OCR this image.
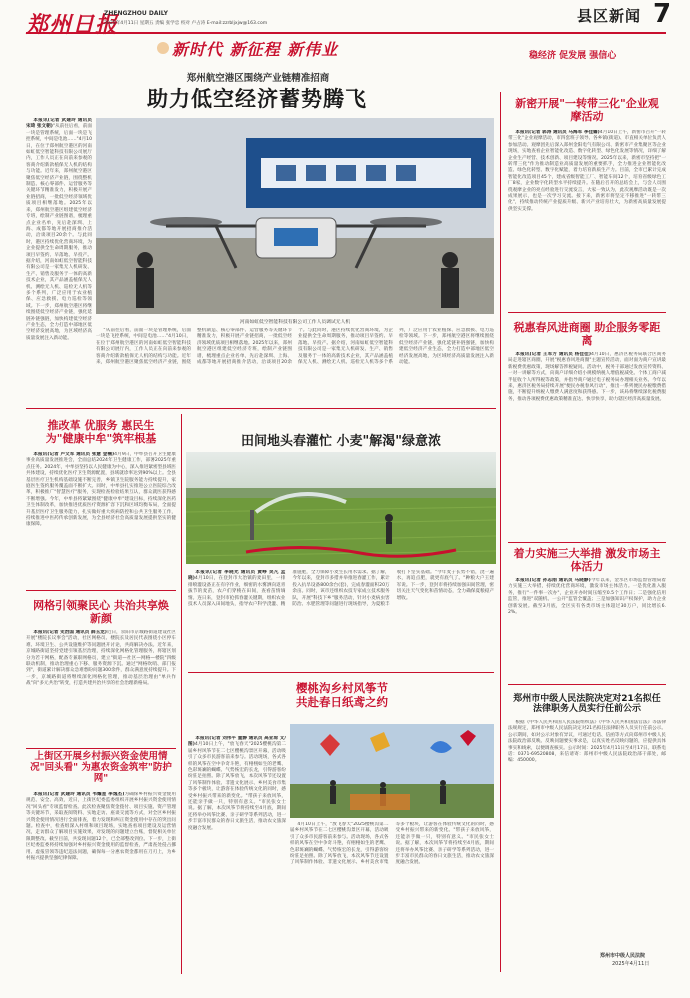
郑州日报
ZHENGZHOU DAILY
2025年4月11日 星期五 责编 张学忠 校对 卢占涛 E-mail:zzrbljxjw@163.com	县区新闻 7
新时代 新征程 新伟业	稳经济 促发展 强信心
郑州航空港区围绕产业链精准招商
助力低空经济蓄势腾飞

本报讯(记者 武建玲 通讯员 宋琦 张文朝)"从前往后看，前面一块是管理系统，后面一块是飞控系统，中间是电池……"4月10日，在位于郑州航空港区的河南如虹低空智能科技有限公司展厅内，工作人员正在向前来参观的客商介绍新款植保无人机的结构与功能。近年来，郑州航空港区聚焦低空经济产业链，围绕整机制造、核心零部件、运营服务等关键环节精准发力，积极开展产业链招商，一批低空经济领域优质项目相继落地。2025年以来，郑州航空港区组建低空经济专班，绘制产业链图谱，梳理重点企业名单，先后赴深圳、上海、成都等地开展招商推介活动，洽谈项目20余个。与此同时，港区持续优化营商环境，为企业提供全生命周期服务，推动项目早签约、早落地、早投产。据介绍，河南如虹低空智能科技有限公司是一家集无人机研发、生产、销售及服务于一体的高新技术企业，其产品涵盖植保无人机、测绘无人机、巡检无人机等多个系列，广泛应用于农业植保、应急救援、电力巡检等领域。下一步，郑州航空港区将继续围绕低空经济产业链，强化延链补链强链，加快构建低空经济产业生态，全力打造中部地区低空经济发展高地，为区域经济高质量发展注入新动能。

河南如虹低空智能科技有限公司工作人员调试无人机

"从前往后看，前面一块是管理系统，后面一块是飞控系统，中间是电池……"4月10日，在位于郑州航空港区的河南如虹低空智能科技有限公司展厅内，工作人员正在向前来参观的客商介绍新款植保无人机的结构与功能。近年来，郑州航空港区聚焦低空经济产业链，围绕整机制造、核心零部件、运营服务等关键环节精准发力，积极开展产业链招商，一批低空经济领域优质项目相继落地。2025年以来，郑州航空港区组建低空经济专班，绘制产业链图谱，梳理重点企业名单，先后赴深圳、上海、成都等地开展招商推介活动，洽谈项目20余个。与此同时，港区持续优化营商环境，为企业提供全生命周期服务，推动项目早签约、早落地、早投产。据介绍，河南如虹低空智能科技有限公司是一家集无人机研发、生产、销售及服务于一体的高新技术企业，其产品涵盖植保无人机、测绘无人机、巡检无人机等多个系列，广泛应用于农业植保、应急救援、电力巡检等领域。下一步，郑州航空港区将继续围绕低空经济产业链，强化延链补链强链，加快构建低空经济产业生态，全力打造中部地区低空经济发展高地，为区域经济高质量发展注入新动能。

新密开展"一转带三化"企业观摩活动

本报讯(记者 郭涛 通讯员 马海军 李佳嫱)4月10日上午，新密市召开"一转带三化"企业观摩活动，市四套班子领导、各乡镇(街道)、市直相关单位负责人参加活动。观摩团先后深入郑州金阳电气有限公司、新密市产业集聚区等企业现场，实地查看企业智能化改造、数字化转型、绿色化发展等情况，详细了解企业生产经营、技术创新、项目建设等情况。2025年以来，新密市坚持把"一转带三化"作为推动制造业高质量发展的重要抓手，全力推进企业智能化改造、绿色化转型、数字化赋能，着力培育新质生产力。目前，全市已累计完成智能化改造项目45个，建成省级智能工厂、智能车间12个，培育省级绿色工厂8家，企业数字化转型水平持续提升。在随后召开的总结会上，与会人员围绕观摩企业的亮点经验进行交流发言，大家一致认为，此次观摩活动既是一次成果展示，也是一次学习交流。接下来，新密市将坚定不移推进"一转带三化"，持续推动传统产业提质升级、新兴产业培育壮大，为新密高质量发展提供坚实支撑。

税惠春风进商圈 助企服务零距离

本报讯(记者 王军方 通讯员 杨佳佳)4月10日，惠济区税务局联合区商务局走进辖区商圈，开展"税惠春风进商圈"主题宣传活动，面对面为商户宣讲最新税费优惠政策，现场解答涉税疑问。活动中，税务干部通过发放宣传资料、一对一讲解等方式，向商户详细介绍小规模纳税人增值税减免、个体工商户减半征收个人所得税等政策，并指导商户通过电子税务局办理相关业务。今年以来，惠济区税务局持续开展"便民办税春风行动"，推出一系列便民办税缴费措施，不断提升纳税人缴费人满意度和获得感。下一步，该局将继续深化税费服务，推动各项税费优惠政策精准直达、快享快享，助力辖区经济高质量发展。

着力实施三大举措 激发市场主体活力

本报讯(记者 孙志刚 通讯员 马晓静)今年以来，金水区市场监督管理局着力实施三大举措，持续优化营商环境，激发市场主体活力。一是优化准入服务，推行"一件事一次办"，企业开办时间压缩至0.5个工作日；二是强化信用监管，推进"双随机、一公开"监管全覆盖；三是加强知识产权保护，助力企业创新发展。截至3月底，全区实有各类市场主体超过30万户，同比增长6.2%。

郑州市中级人民法院决定对21名拟任法律职务人员实行任前公示

根据《中华人民共和国人民法院组织法》《中华人民共和国法官法》等法律法规规定，郑州市中级人民法院决定对21名拟任法律职务人员实行任前公示。公示期间，如对公示对象有异议，可通过电话、信函等方式向郑州市中级人民法院政治部反映。反映问题要实事求是，以真实姓名反映问题的，应提供具体事实和线索，以便调查核实。公示时间：2025年4月11日至4月17日。联系电话：0371-69520808，来信请寄：郑州市中级人民法院政治部干部处，邮编：450000。

郑州市中级人民法院
2025年4月11日
推改革 优服务 惠民生 为"健康中牟"筑牢根基

本报讯(记者 卢文军 通讯员 张慧 金楠)4月9日，中牟县召开卫生健康事业高质量发展推进会，全面总结2024年卫生健康工作，部署2025年重点任务。2024年，中牟县坚持以人民健康为中心，深入推进紧密型县域医共体建设，持续优化医疗卫生资源配置，县域就诊率达到90%以上。全县基层医疗卫生机构基础设施不断完善，乡镇卫生院服务能力持续提升，家庭医生签约服务覆盖面不断扩大。同时，中牟县扎实推进公立医院综合改革，积极推广"智慧医疗"服务，实现检查检验结果互认，群众就医获得感不断增强。今年，中牟县将紧紧围绕"健康中牟"建设目标，持续深化医药卫生体制改革，加快推进优质医疗资源扩容下沉和区域均衡布局，全面提升基层医疗卫生服务能力，扎实做好重大疾病防控和公共卫生服务工作，持续推进中医药传承创新发展，为全县经济社会高质量发展提供坚实的健康保障。

网格引领聚民心 共治共享焕新颜

本报讯(记者 史治国 通讯员 薛玉龙)近日，荥阳市京城路街道建设社区开展"楼院长议事会"活动，社区网格员、楼院长及居民代表围绕小区停车难、环境卫生、公共设施维护等问题展开讨论，共商解决办法。近年来，京城路街道坚持党建引领基层治理，持续深化网格化管理服务，将辖区划分为若干网格，配备专兼职网格员，建立"街道—社区—网格—楼院"四级联动机制，推动治理重心下移、服务资源下沉。通过"网格吹哨、部门报到"，街道累计解决群众急难愁盼问题300余件，群众满意度持续提升。下一步，京城路街道将继续深化网格化管理，推动基层治理由"单兵作战"向"多元共治"转变，打造共建共治共享的社会治理新格局。

上街区开展乡村振兴资金使用情况"回头看" 为惠农资金筑牢"防护网"

本报讯(记者 武建玲 通讯员 韦耀星 李逸杰)为确保乡村振兴资金使用规范、安全、高效，近日，上街区纪委监委组织开展乡村振兴资金使用情况"回头看"专项监督检查。此次检查聚焦资金拨付、项目实施、资产管理等关键环节，采取查阅资料、实地走访、座谈交流等方式，对全区乡村振兴资金使用情况进行全面排查，着力发现和纠正资金使用中存在的突出问题。检查中，检查组深入村组和项目现场，实地查看项目建设及运营情况，走访群众了解项目实施效果，对发现的问题建立台账，督促相关单位限期整改。截至目前，共发现问题12个，已全部整改到位。下一步，上街区纪委监委将持续加强对乡村振兴资金使用的监督检查，严肃查处侵占挪用、虚报冒领等违纪违法问题，确保每一分惠农资金都用在刀刃上，为乡村振兴提供坚强纪律保障。

田间地头春灌忙 小麦"解渴"绿意浓

本报讯(记者 李晓光 通讯员 黄峥 吴凡 孟晓)4月10日，在登封市大冶镇的麦田里，一排排喷灌设备正在有序作业，细密的水雾洒向返青拔节的麦苗，农户们穿梭在田间，查看苗情墒情。连日来，登封市抢抓春灌关键期，组织农业技术人员深入田间地头，指导农户科学浇灌、精准施肥，全力保障小麦生长用水需求。据了解，今年以来，登封市多措并举推进春灌工作，累计投入抗旱设备800余台(套)，完成春灌面积20万余亩。同时，该市还组织农技专家成立技术服务队，开展"科技下乡"服务活动，针对小麦病虫害防治、水肥管理等问题进行现场指导，为夏粮丰收打下坚实基础。"今年麦子长势不错，浇一遍水，再追点肥，就更有底气了。"种粮大户王建军说。下一步，登封市将持续加强田间管理，密切关注天气变化和苗情动态，全力确保夏粮稳产增收。

樱桃沟乡村风筝节 共赴春日纸鸢之约

本报讯(记者 刘伟平 童静 通讯员 高亚琼 文/图)4月10日上午，"放飞春天"2025樱桃沟第二届乡村风筝节在二七区樱桃沟景区开幕，活动吸引了众多市民游客前来参与。活动现场，各式各样的风筝在空中争奇斗艳，有栩栩如生的老鹰、色彩斑斓的蝴蝶、气势恢宏的长龙，引得游客纷纷驻足拍照。除了风筝放飞，本次风筝节还设置了风筝制作体验、非遗文化展示、乡村美食市集等多个板块，让游客在体验传统文化的同时，感受乡村振兴带来的新变化。"带孩子来放风筝，还能亲手做一只，特别有意义。"市民张女士说。据了解，本次风筝节将持续至4月底，期间还将举办风筝比赛、亲子研学等系列活动，进一步丰富市民群众的春日文旅生活，推动农文旅深度融合发展。

4月10日上午，"放飞春天"2025樱桃沟第二届乡村风筝节在二七区樱桃沟景区开幕，活动吸引了众多市民游客前来参与。活动现场，各式各样的风筝在空中争奇斗艳，有栩栩如生的老鹰、色彩斑斓的蝴蝶、气势恢宏的长龙，引得游客纷纷驻足拍照。除了风筝放飞，本次风筝节还设置了风筝制作体验、非遗文化展示、乡村美食市集等多个板块，让游客在体验传统文化的同时，感受乡村振兴带来的新变化。"带孩子来放风筝，还能亲手做一只，特别有意义。"市民张女士说。据了解，本次风筝节将持续至4月底，期间还将举办风筝比赛、亲子研学等系列活动，进一步丰富市民群众的春日文旅生活，推动农文旅深度融合发展。
